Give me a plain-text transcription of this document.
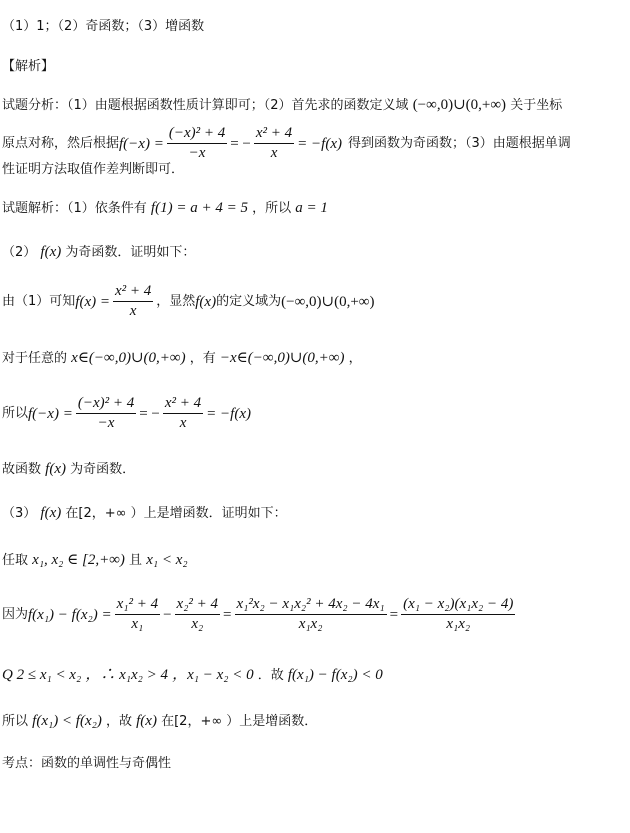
（1）1；（2）奇函数；（3）增函数
【解析】
试题分析：（1）由题根据函数性质计算即可；（2）首先求的函数定义域 (−∞,0)∪(0,+∞) 关于坐标
原点对称，然后根据 $f(-x) = \frac{\text{(−x)² + 4}}{-x}$ = − $\frac{\text{x² + 4}}{x} = -f(x)$ 得到函数为奇函数；（3）由题根据单调
性证明方法取值作差判断即可．
试题解析：（1）依条件有 f(1) = a + 4 = 5 ，所以 a = 1
（2） f(x) 为奇函数．证明如下：
由（1）可知 $f(x) = \frac{\text{x² + 4}}{x}$ ，显然 f(x) 的定义域为 (−∞,0)∪(0,+∞)
对于任意的 x∈(−∞,0)∪(0,+∞) ，有 −x∈(−∞,0)∪(0,+∞) ，
所以 $f(-x) = \frac{\text{(−x)² + 4}}{-x}$ = − $\frac{\text{x² + 4}}{x} = -f(x)$
故函数 f(x) 为奇函数．
（3） f(x) 在[2，+∞ ）上是增函数．证明如下：
任取 x₁, x₂ ∈ [2,+∞) 且 x₁ < x₂
因为 $f(x_1) - f(x_2) = \frac{\text{x₁² + 4}}{\text{x₁}} - \frac{\text{x₂² + 4}}{\text{x₂}} = \frac{\text{x₁²x₂ − x₁x₂² + 4x₂ − 4x₁}}{\text{x₁x₂}} = \frac{\text{(x₁ − x₂)(x₁x₂ − 4)}}{\text{x₁x₂}}$
Q 2 ≤ x₁ < x₂ ，∴ x₁x₂ > 4 ，x₁ − x₂ < 0 ．故 f(x₁) − f(x₂) < 0
所以 f(x₁) < f(x₂) ，故 f(x) 在[2，+∞ ）上是增函数．
考点：函数的单调性与奇偶性
